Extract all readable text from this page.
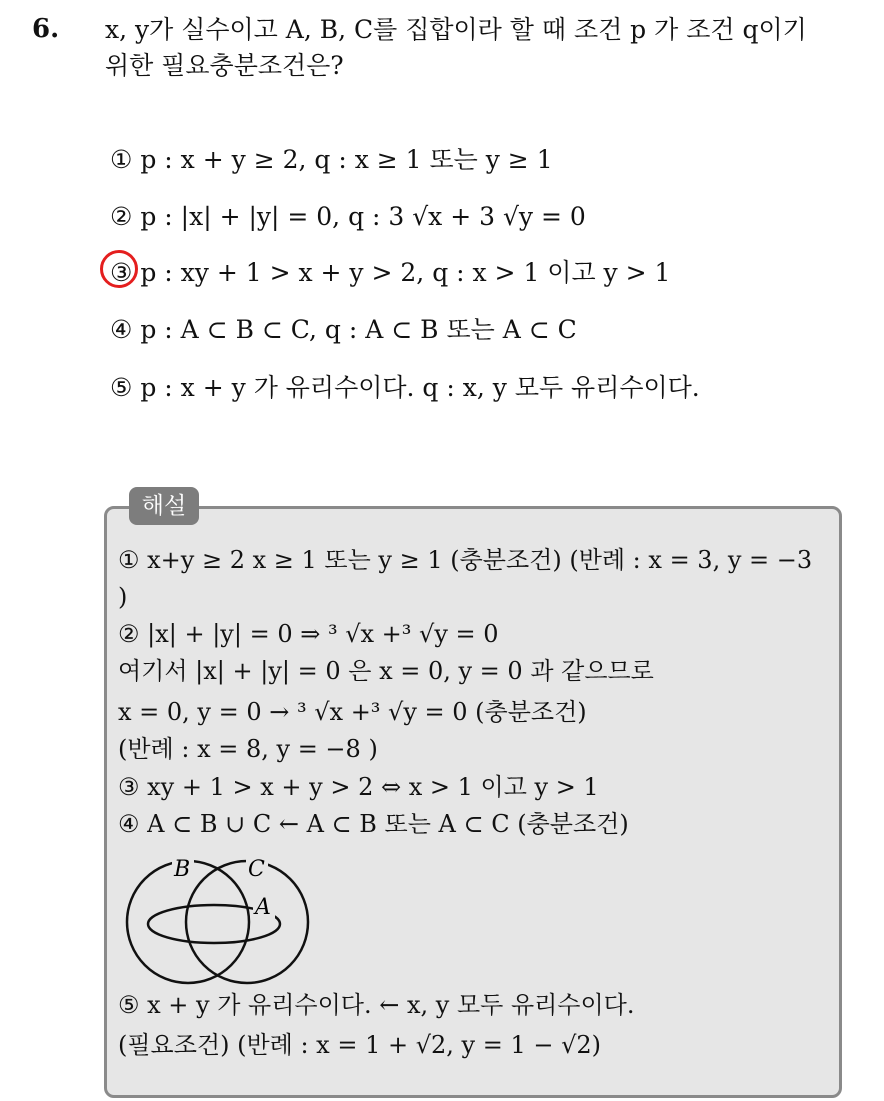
6. x, y가 실수이고 A, B, C를 집합이라 할 때 조건 p 가 조건 q이기
위한 필요충분조건은?
① p : x + y ≥ 2, q : x ≥ 1 또는 y ≥ 1
② p : |x| + |y| = 0, q : 3 √x + 3 √y = 0
③ p : xy + 1 > x + y > 2, q : x > 1 이고 y > 1
④ p : A ⊂ B ⊂ C, q : A ⊂ B 또는 A ⊂ C
⑤ p : x + y 가 유리수이다. q : x, y 모두 유리수이다.
해설
① x+y ≥ 2 x ≥ 1 또는 y ≥ 1 (충분조건) (반례 : x = 3, y = −3
)
② |x| + |y| = 0 ⇒ ³ √x +³ √y = 0
여기서 |x| + |y| = 0 은 x = 0, y = 0 과 같으므로
x = 0, y = 0 → ³ √x +³ √y = 0 (충분조건)
(반례 : x = 8, y = −8 )
③ xy + 1 > x + y > 2 ⇔ x > 1 이고 y > 1
④ A ⊂ B ∪ C ← A ⊂ B 또는 A ⊂ C (충분조건)
B	C
A
⑤ x + y 가 유리수이다. ← x, y 모두 유리수이다.
(필요조건) (반례 : x = 1 + √2, y = 1 − √2)
